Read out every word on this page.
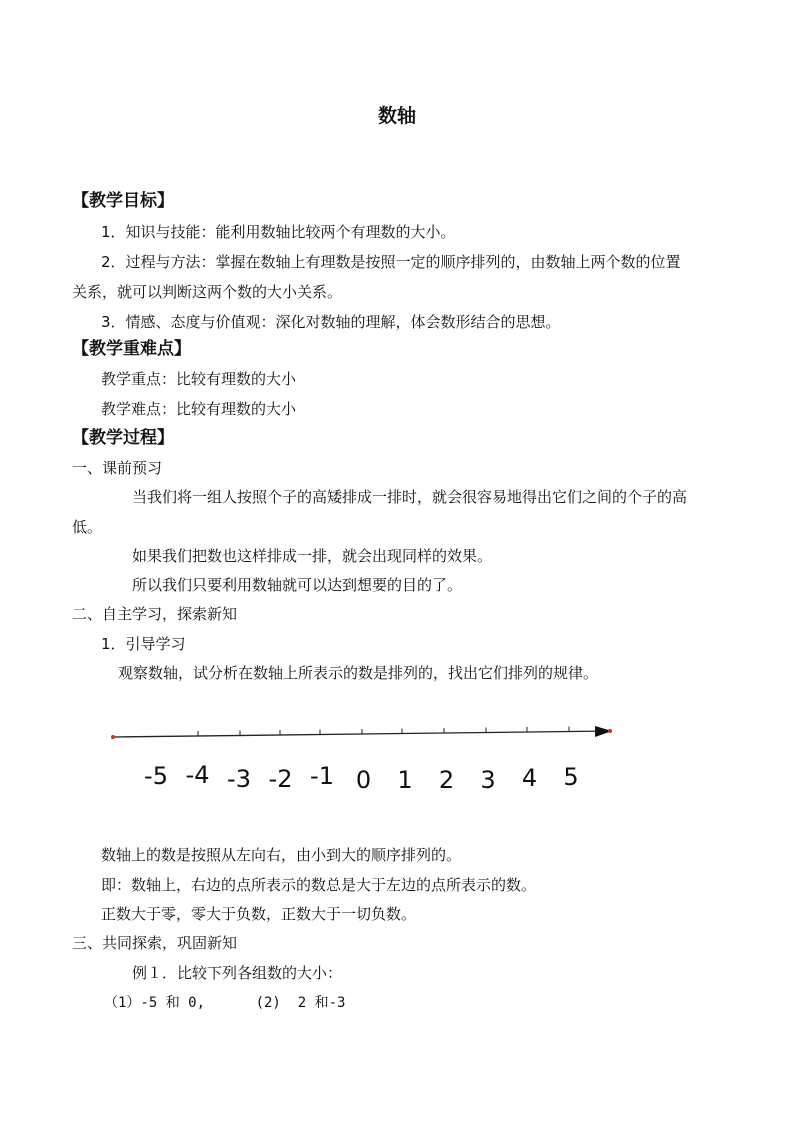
数轴
【教学目标】
1．知识与技能：能利用数轴比较两个有理数的大小。
2．过程与方法：掌握在数轴上有理数是按照一定的顺序排列的，由数轴上两个数的位置
关系，就可以判断这两个数的大小关系。
3．情感、态度与价值观：深化对数轴的理解，体会数形结合的思想。
【教学重难点】
教学重点：比较有理数的大小
教学难点：比较有理数的大小
【教学过程】
一、课前预习
当我们将一组人按照个子的高矮排成一排时，就会很容易地得出它们之间的个子的高
低。
如果我们把数也这样排成一排，就会出现同样的效果。
所以我们只要利用数轴就可以达到想要的目的了。
二、自主学习，探索新知
1．引导学习
观察数轴，试分析在数轴上所表示的数是排列的，找出它们排列的规律。
-5 -4 -3 -2 -1 0 1 2 3 4 5
数轴上的数是按照从左向右，由小到大的顺序排列的。
即：数轴上，右边的点所表示的数总是大于左边的点所表示的数。
正数大于零，零大于负数，正数大于一切负数。
三、共同探索，巩固新知
例１．比较下列各组数的大小：
（1）-5 和 0,      (2)  2 和-3
